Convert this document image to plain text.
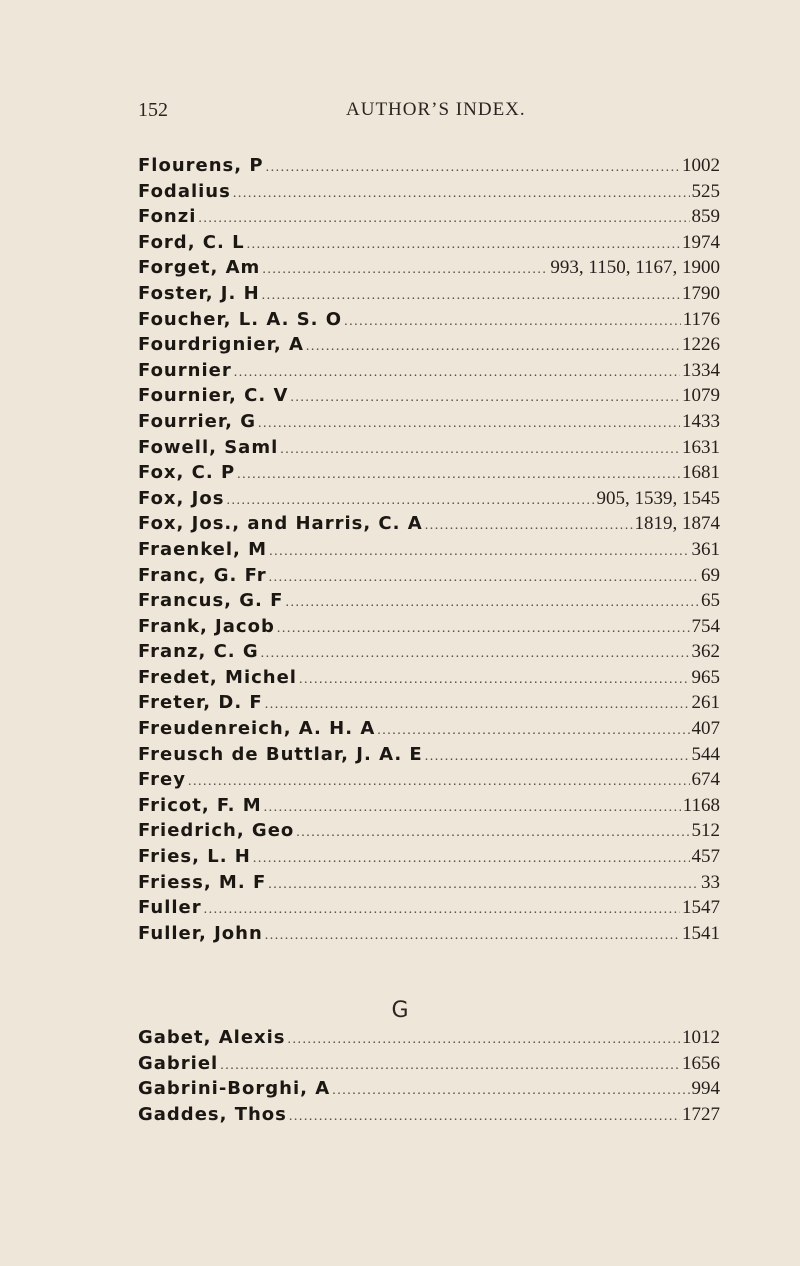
152	AUTHOR’S INDEX.
Flourens, P .....	1002
Fodalius .....	525
Fonzi .....	859
Ford, C. L .....	1974
Forget, Am .....	993, 1150, 1167, 1900
Foster, J. H .....	1790
Foucher, L. A. S. O .....	1176
Fourdrignier, A .....	1226
Fournier .....	1334
Fournier, C. V .....	1079
Fourrier, G .....	1433
Fowell, Saml .....	1631
Fox, C. P .....	1681
Fox, Jos .....	905, 1539, 1545
Fox, Jos., and Harris, C. A .....	1819, 1874
Fraenkel, M .....	361
Franc, G. Fr .....	69
Francus, G. F .....	65
Frank, Jacob .....	754
Franz, C. G .....	362
Fredet, Michel .....	965
Freter, D. F .....	261
Freudenreich, A. H. A .....	407
Freusch de Buttlar, J. A. E .....	544
Frey .....	674
Fricot, F. M .....	1168
Friedrich, Geo .....	512
Fries, L. H .....	457
Friess, M. F .....	33
Fuller .....	1547
Fuller, John .....	1541
G
Gabet, Alexis .....	1012
Gabriel .....	1656
Gabrini-Borghi, A .....	994
Gaddes, Thos .....	1727
